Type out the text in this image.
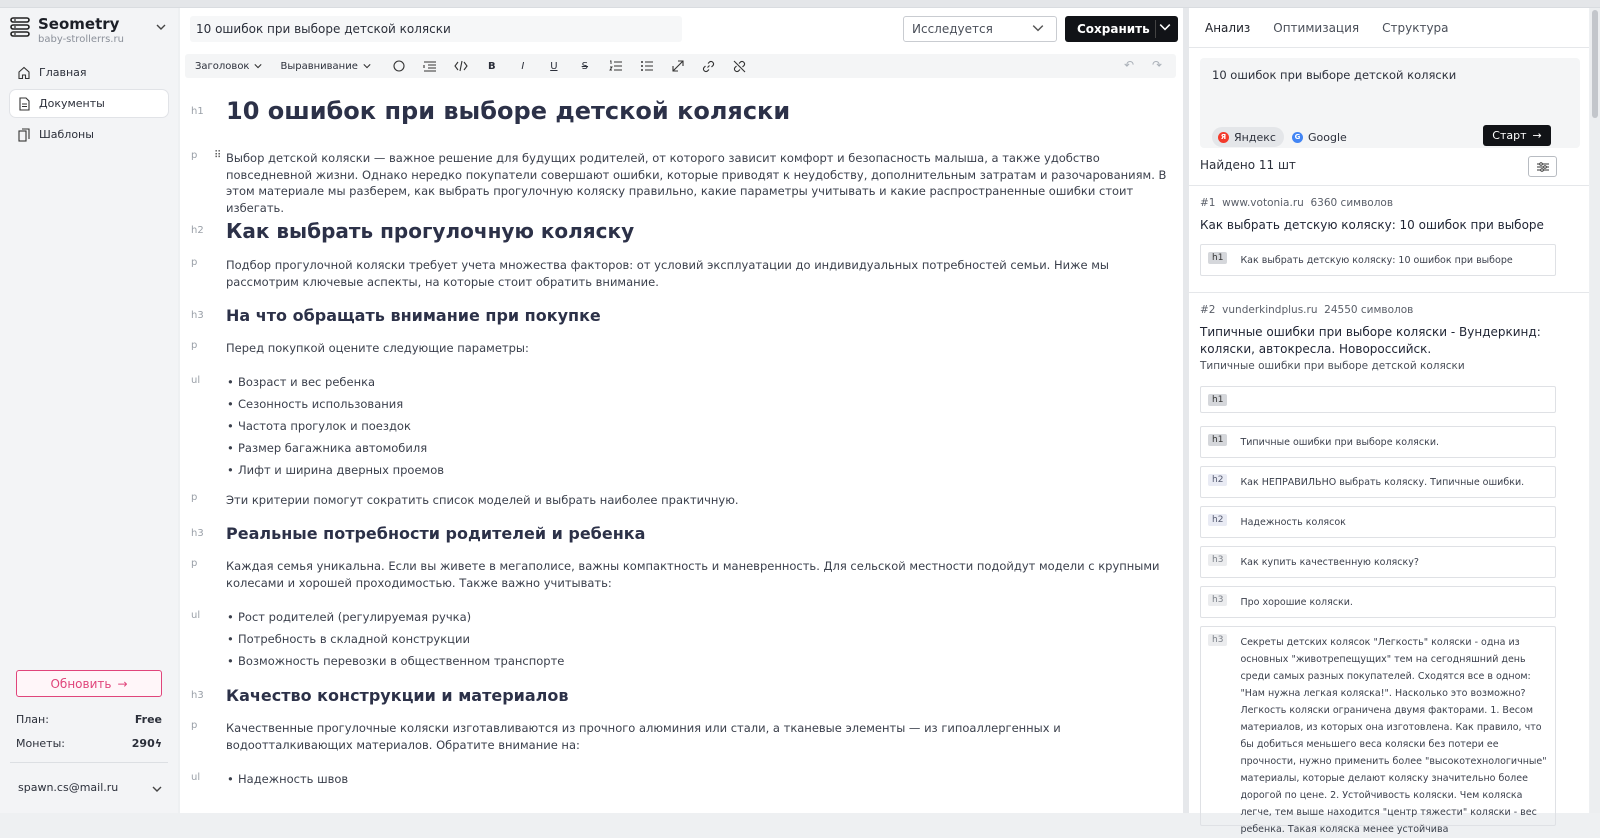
Seometry
baby-strollerrs.ru
Главная
Документы
Шаблоны
Обновить →
План:	Free
Монеты:	290ϟ
spawn.cs@mail.ru
10 ошибок при выборе детской коляски	Исследуется	Сохранить
Заголовок	Выравнивание	B	I	U	S	↶ ↷
h1 10 ошибок при выборе детской коляски
p ⠿ Выбор детской коляски — важное решение для будущих родителей, от которого зависит комфорт и безопасность малыша, а также удобство повседневной жизни. Однако нередко покупатели совершают ошибки, которые приводят к неудобству, дополнительным затратам и разочарованиям. В этом материале мы разберем, как выбрать прогулочную коляску правильно, какие параметры учитывать и какие распространенные ошибки стоит избегать.
h2 Как выбрать прогулочную коляску
p Подбор прогулочной коляски требует учета множества факторов: от условий эксплуатации до индивидуальных потребностей семьи. Ниже мы рассмотрим ключевые аспекты, на которые стоит обратить внимание.
h3 На что обращать внимание при покупке
p Перед покупкой оцените следующие параметры:
ul	• Возраст и вес ребенка
• Сезонность использования
• Частота прогулок и поездок
• Размер багажника автомобиля
• Лифт и ширина дверных проемов
p Эти критерии помогут сократить список моделей и выбрать наиболее практичную.
h3 Реальные потребности родителей и ребенка
p Каждая семья уникальна. Если вы живете в мегаполисе, важны компактность и маневренность. Для сельской местности подойдут модели с крупными колесами и хорошей проходимостью. Также важно учитывать:
ul	• Рост родителей (регулируемая ручка)
• Потребность в складной конструкции
• Возможность перевозки в общественном транспорте
h3 Качество конструкции и материалов
p Качественные прогулочные коляски изготавливаются из прочного алюминия или стали, а тканевые элементы — из гипоаллергенных и водоотталкивающих материалов. Обратите внимание на:
ul	• Надежность швов
Анализ Оптимизация Структура
10 ошибок при выборе детской коляски
Я Яндекс	G Google	Старт →
Найдено 11 шт
#1 www.votonia.ru 6360 символов
Как выбрать детскую коляску: 10 ошибок при выборе
h1	Как выбрать детскую коляску: 10 ошибок при выборе
#2 vunderkindplus.ru 24550 символов
Типичные ошибки при выборе коляски - Вундеркинд: коляски, автокресла. Новороссийск.
Типичные ошибки при выборе детской коляски
h1
h1	Типичные ошибки при выборе коляски.
h2	Как НЕПРАВИЛЬНО выбрать коляску. Типичные ошибки.
h2	Надежность колясок
h3	Как купить качественную коляску?
h3	Про хорошие коляски.
h3	Секреты детских колясок "Легкость" коляски - одна из основных "животрепещущих" тем на сегодняшний день среди самых разных покупателей. Сходятся все в одном: "Нам нужна легкая коляска!". Насколько это возможно? Легкость коляски ограничена двумя факторами. 1. Весом материалов, из которых она изготовлена. Как правило, что бы добиться меньшего веса коляски без потери ее прочности, нужно применить более "высокотехнологичные" материалы, которые делают коляску значительно более дорогой по цене. 2. Устойчивость коляски. Чем коляска легче, тем выше находится "центр тяжести" коляски - вес ребенка. Такая коляска менее устойчива
